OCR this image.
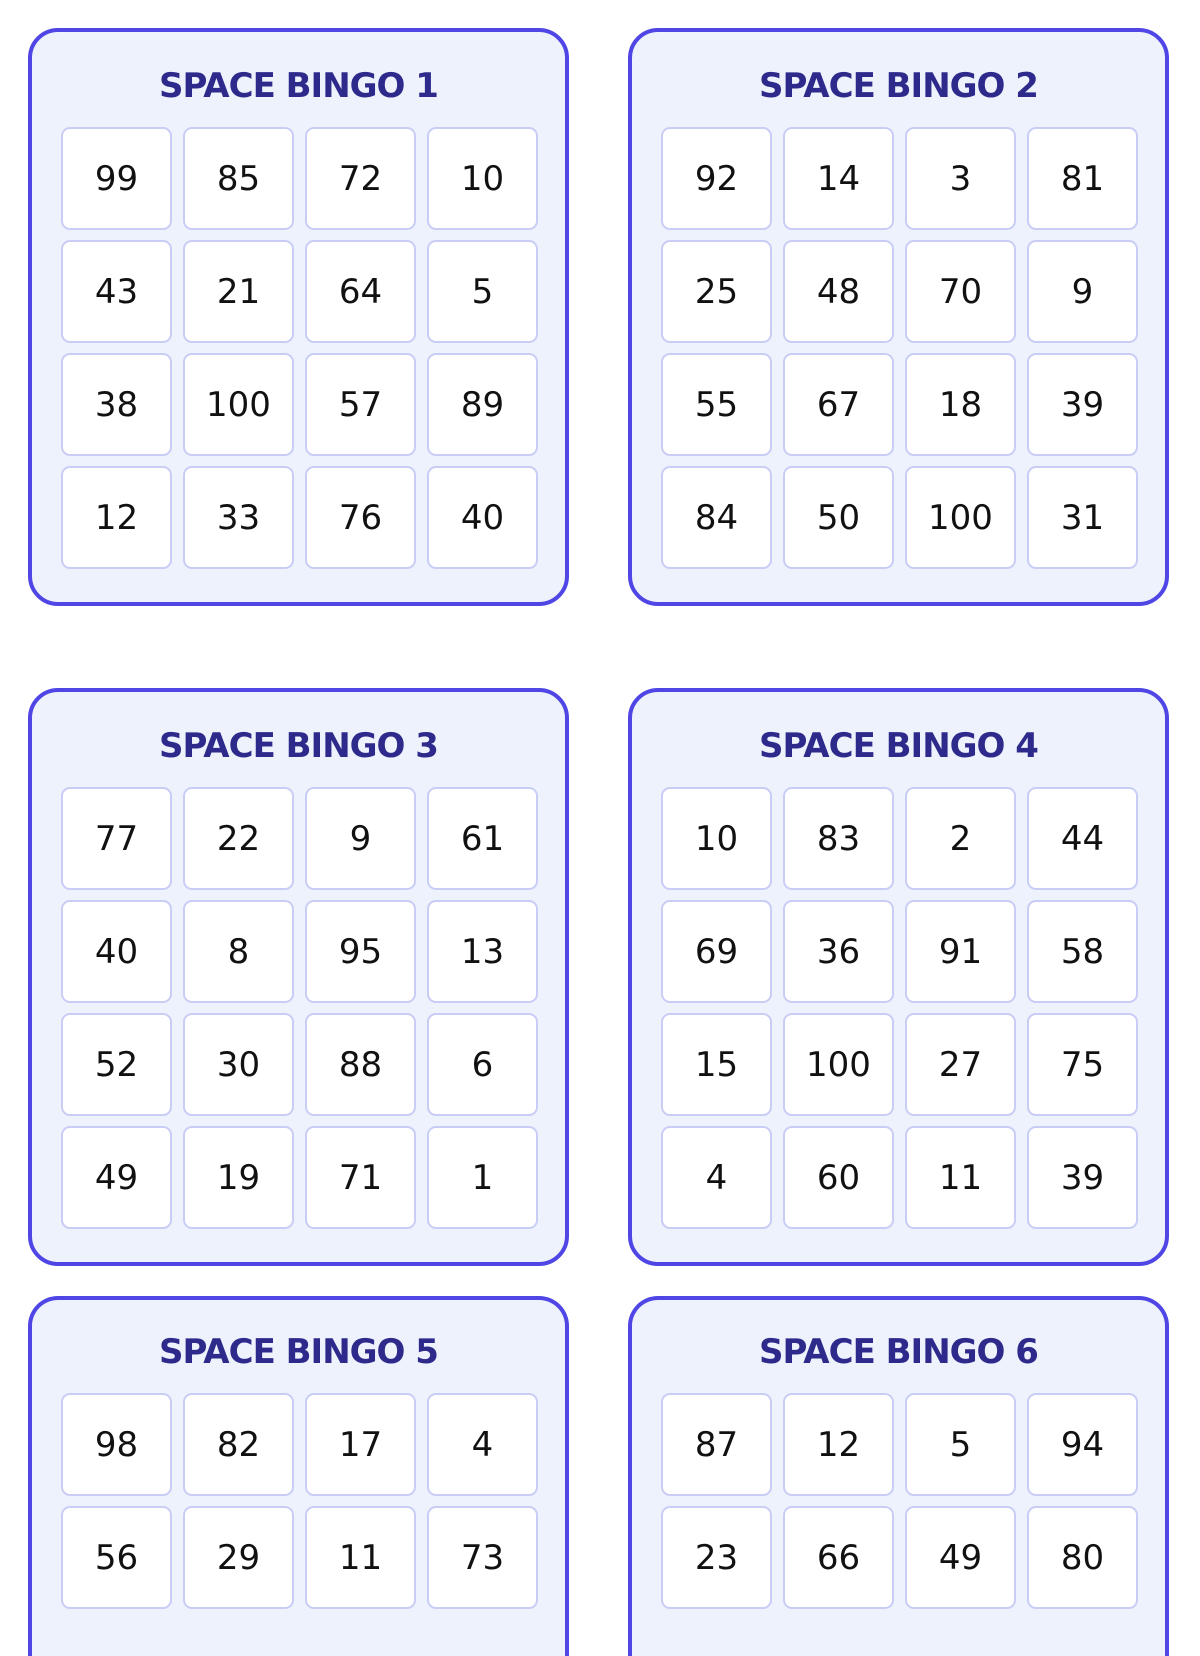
SPACE BINGO 1
99	85	72	10
43	21	64	5
38	100	57	89
12	33	76	40
SPACE BINGO 2
92	14	3	81
25	48	70	9
55	67	18	39
84	50	100	31
SPACE BINGO 3
77	22	9	61
40	8	95	13
52	30	88	6
49	19	71	1
SPACE BINGO 4
10	83	2	44
69	36	91	58
15	100	27	75
4	60	11	39
SPACE BINGO 5
98	82	17	4
56	29	11	73
SPACE BINGO 6
87	12	5	94
23	66	49	80
